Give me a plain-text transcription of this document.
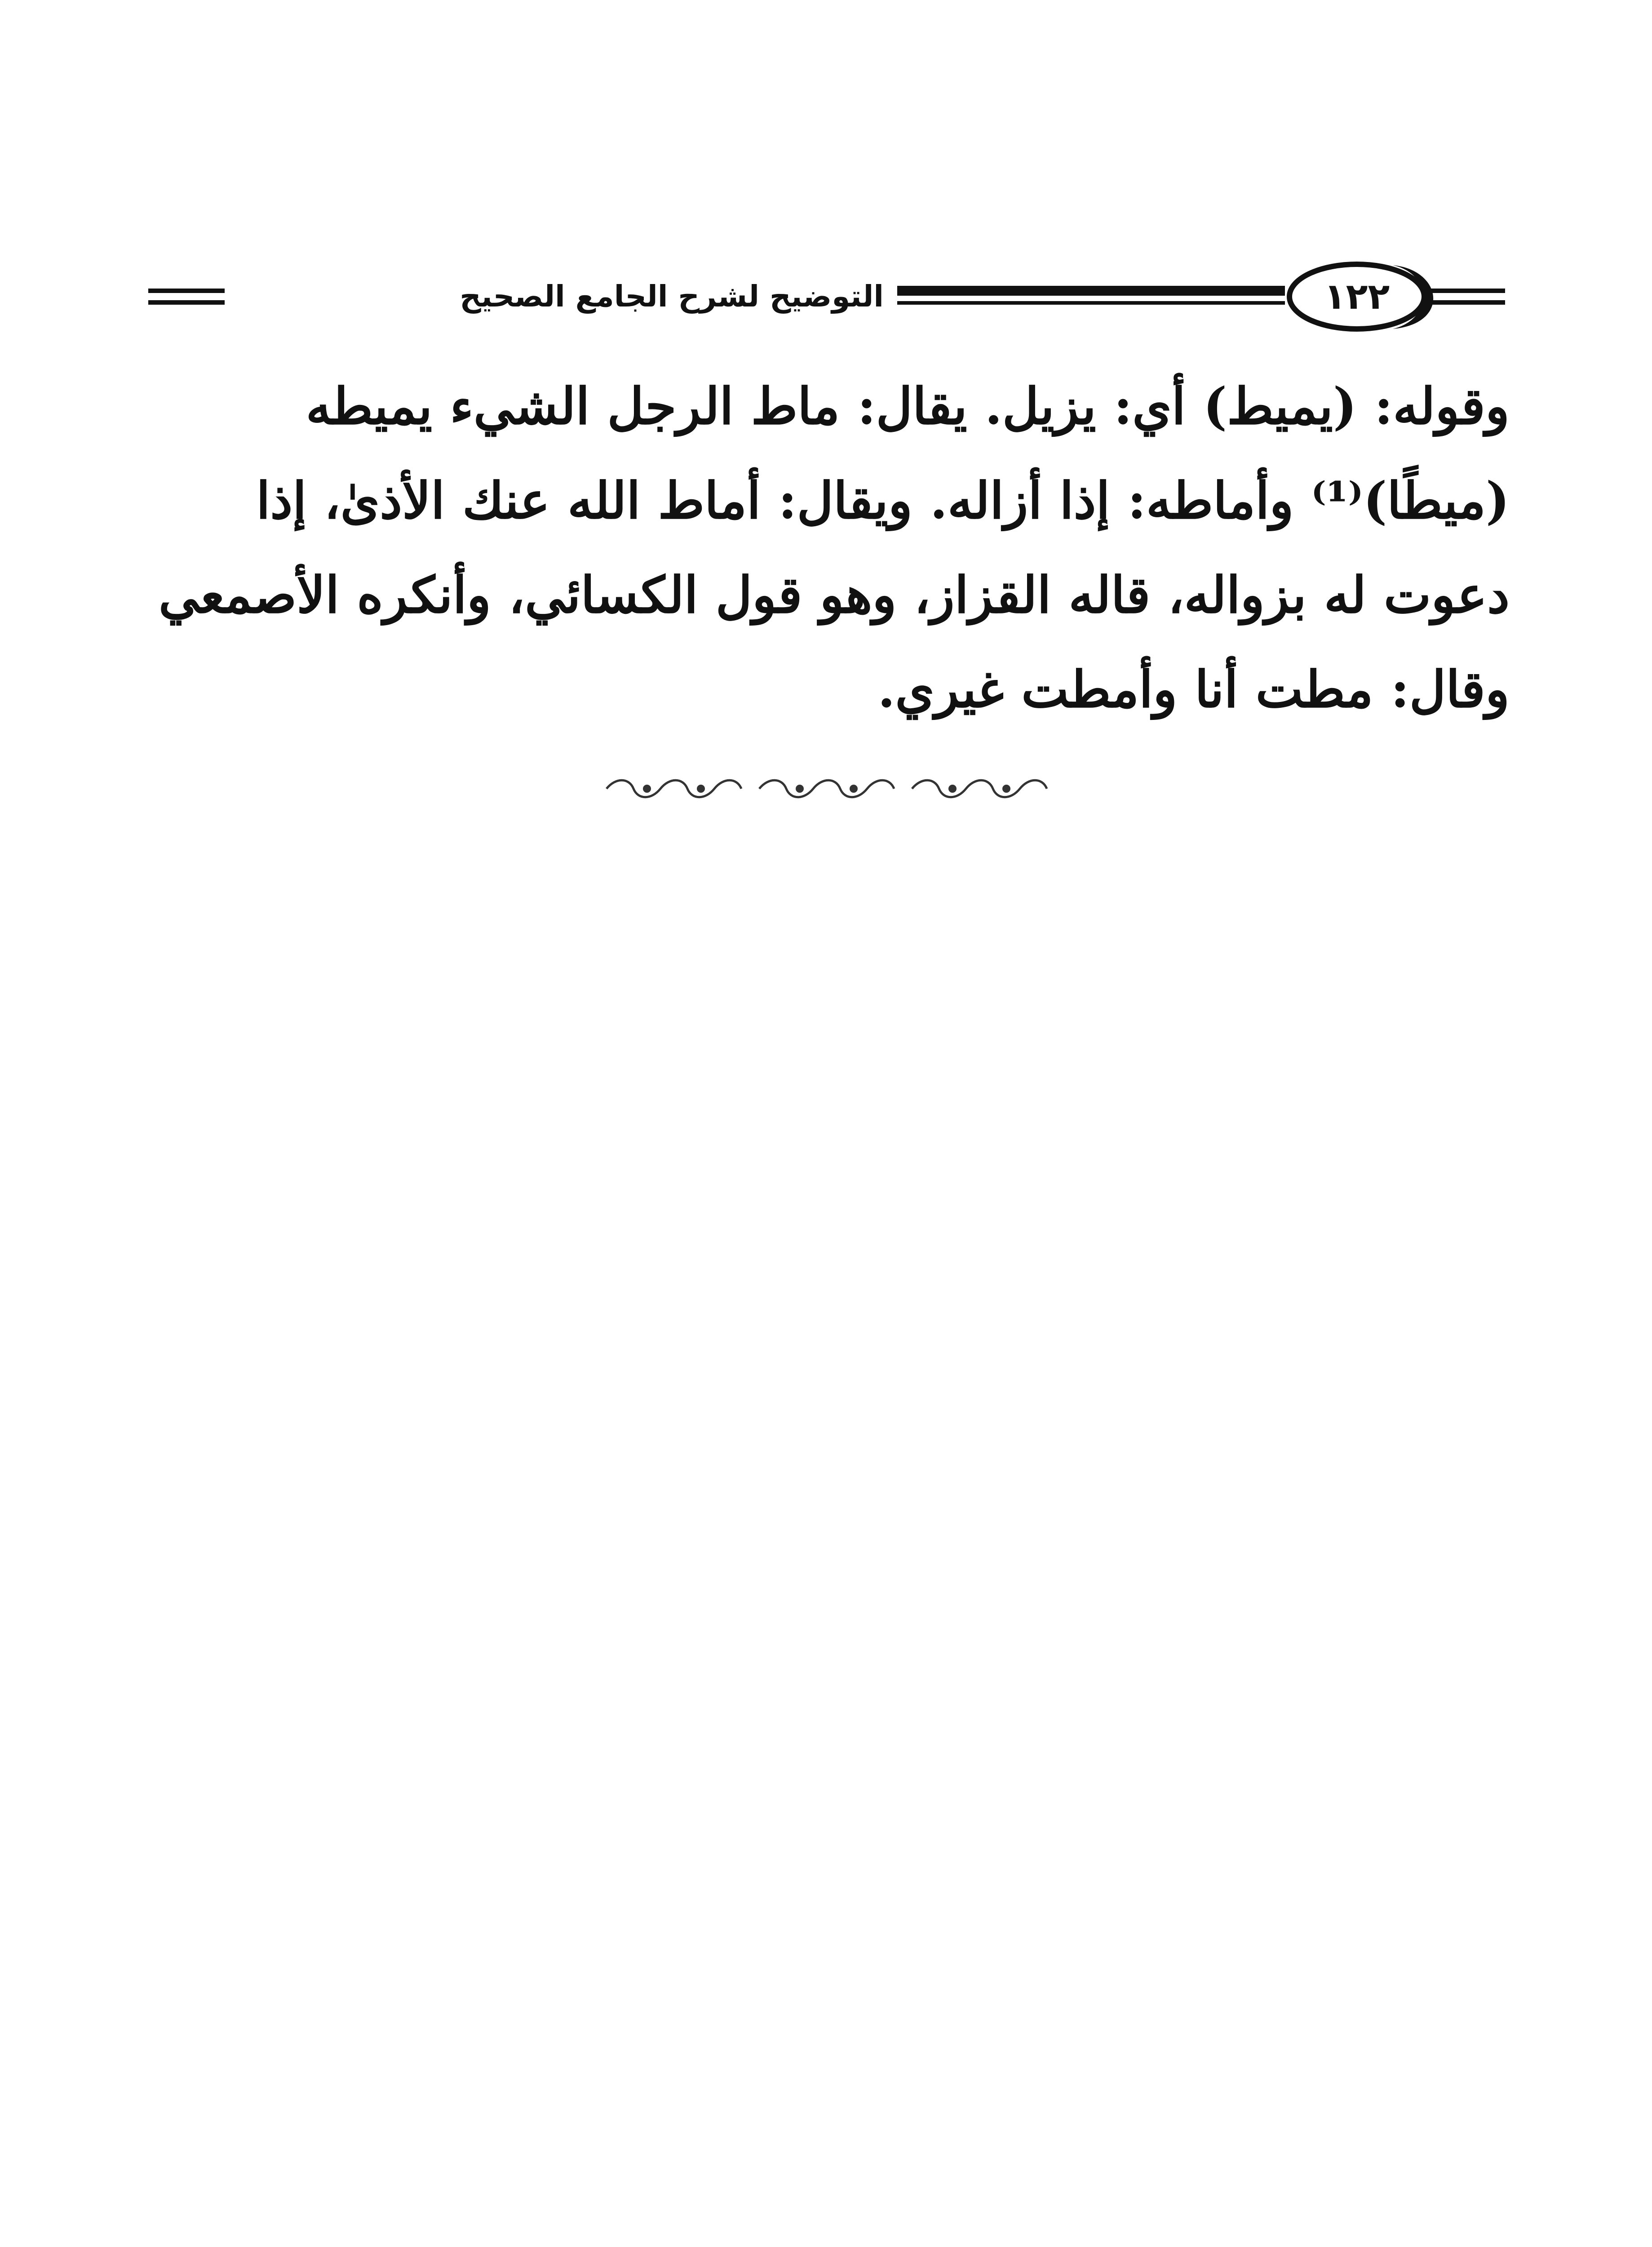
التوضيح لشرح الجامع الصحيح	١٢٢
وقوله: (يميط) أي: يزيل. يقال: ماط الرجل الشيء يميطه
(ميطًا)⁽¹⁾ وأماطه: إذا أزاله. ويقال: أماط الله عنك الأذىٰ، إذا
دعوت له بزواله، قاله القزاز، وهو قول الكسائي، وأنكره الأصمعي
وقال: مطت أنا وأمطت غيري.
